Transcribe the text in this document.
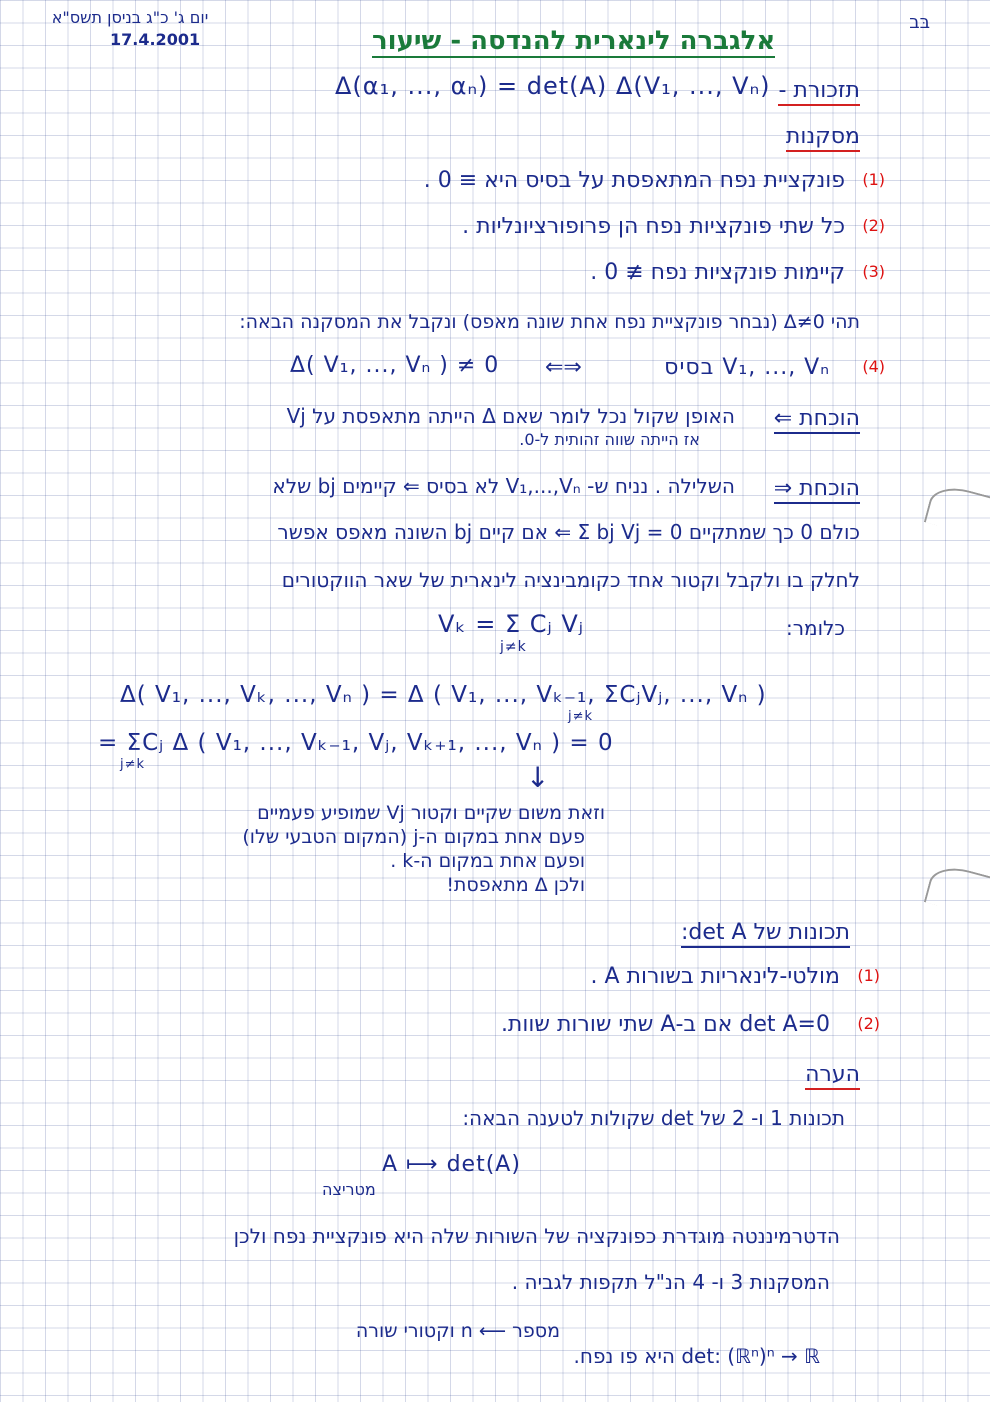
יום ג' כ"ג בניסן תשס"א
17.4.2001
בּב
אלגברה לינארית להנדסה - שיעור
תזכורת -
Δ(α₁, ..., αₙ) = det(A) Δ(V₁, ..., Vₙ)
מסקנות
(1)
פונקציית נפח המתאפסת על בסיס היא ≡ 0 .
(2)
כל שתי פונקציות נפח הן פרופורציונליות .
(3)
קיימות פונקציות נפח ≢ 0 .
תהי Δ≠0 (נבחר פונקציית נפח אחת שונה מאפס) ונקבל את המסקנה הבאה:
(4)
V₁, ..., Vₙ בסיס
⇐⇒
Δ( V₁, ..., Vₙ ) ≠ 0
הוכחת ⇐
האופן שקול נכל לומר שאם Δ הייתה מתאפסת על Vj
אז הייתה שווה זהותית ל-0.
הוכחת ⇒
השלילה . נניח ש- V₁,...,Vₙ לא בסיס ⇐ קיימים bj שלא
כולם 0 כך שמתקיים Σ bj Vj = 0 ⇐ אם קיים bj השונה מאפס אפשר
לחלק בו ולקבל וקטור אחד כקומבינציה לינארית של שאר הווקטורים
כלומר:
Vₖ = Σ Cⱼ Vⱼ
j≠k
Δ( V₁, ..., Vₖ, ..., Vₙ ) = Δ ( V₁, ..., Vₖ₋₁, ΣCⱼVⱼ, ..., Vₙ )
j≠k
= ΣCⱼ Δ ( V₁, ..., Vₖ₋₁, Vⱼ, Vₖ₊₁, ..., Vₙ ) = 0
j≠k	↓
וזאת משום שקיים וקטור Vj שמופיע פעמיים
פעם אחת במקום ה-j (המקום הטבעי שלו)
ופעם אחת במקום ה-k .
ולכן Δ מתאפסת!
תכונות של det A:
(1)
מולטי-לינאריות בשורות A .
(2)
det A=0 אם ב-A שתי שורות שוות.
הערה
תכונות 1 ו- 2 של det שקולות לטענה הבאה:
A ⟼ det(A)
מטריצה
הדטרמיננטה מוגדרת כפונקציה של השורות שלה היא פונקציית נפח ולכן
המסקנות 3 ו- 4 הנ"ל תקפות לגביה .
מספר ⟵ n וקטורי שורה
det: (ℝⁿ)ⁿ → ℝ היא פו נפח.
